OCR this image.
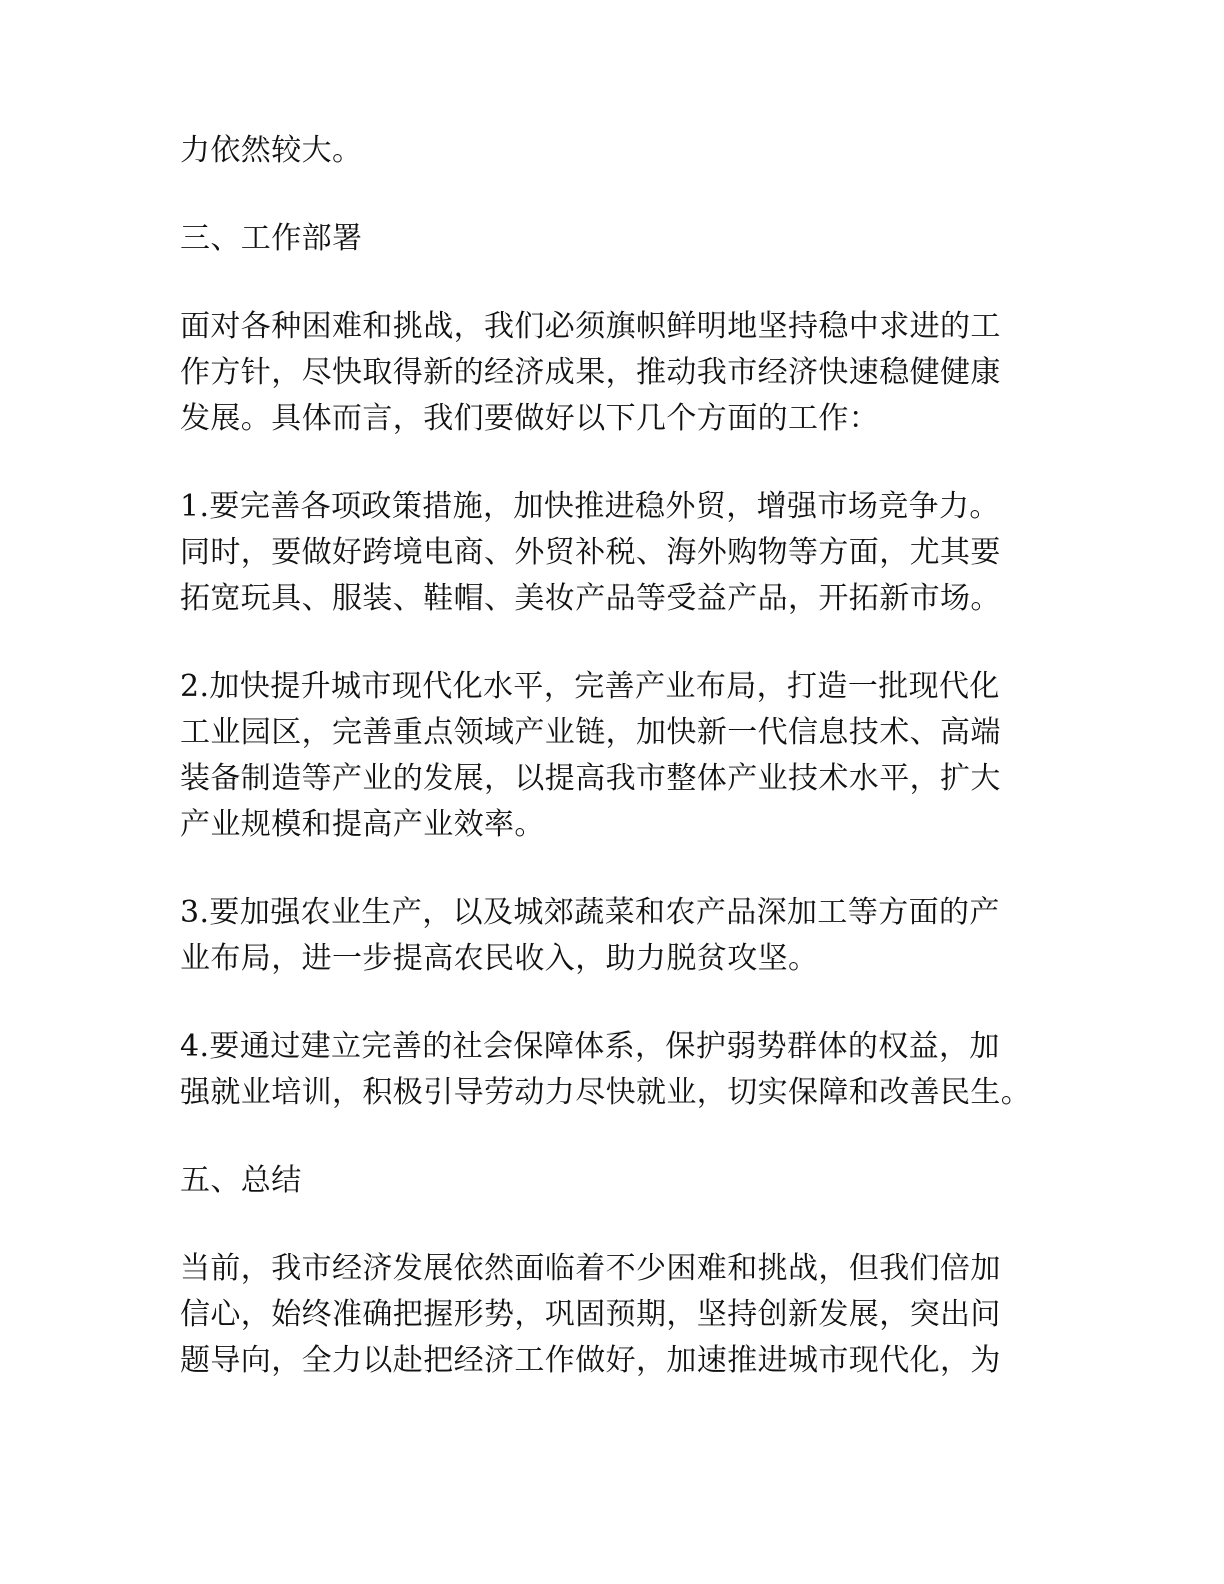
力依然较大。

三、工作部署

面对各种困难和挑战，我们必须旗帜鲜明地坚持稳中求进的工
作方针，尽快取得新的经济成果，推动我市经济快速稳健健康
发展。具体而言，我们要做好以下几个方面的工作：

1.要完善各项政策措施，加快推进稳外贸，增强市场竞争力。
同时，要做好跨境电商、外贸补税、海外购物等方面，尤其要
拓宽玩具、服装、鞋帽、美妆产品等受益产品，开拓新市场。

2.加快提升城市现代化水平，完善产业布局，打造一批现代化
工业园区，完善重点领域产业链，加快新一代信息技术、高端
装备制造等产业的发展，以提高我市整体产业技术水平，扩大
产业规模和提高产业效率。

3.要加强农业生产，以及城郊蔬菜和农产品深加工等方面的产
业布局，进一步提高农民收入，助力脱贫攻坚。

4.要通过建立完善的社会保障体系，保护弱势群体的权益，加
强就业培训，积极引导劳动力尽快就业，切实保障和改善民生。

五、总结

当前，我市经济发展依然面临着不少困难和挑战，但我们倍加
信心，始终准确把握形势，巩固预期，坚持创新发展，突出问
题导向，全力以赴把经济工作做好，加速推进城市现代化，为
